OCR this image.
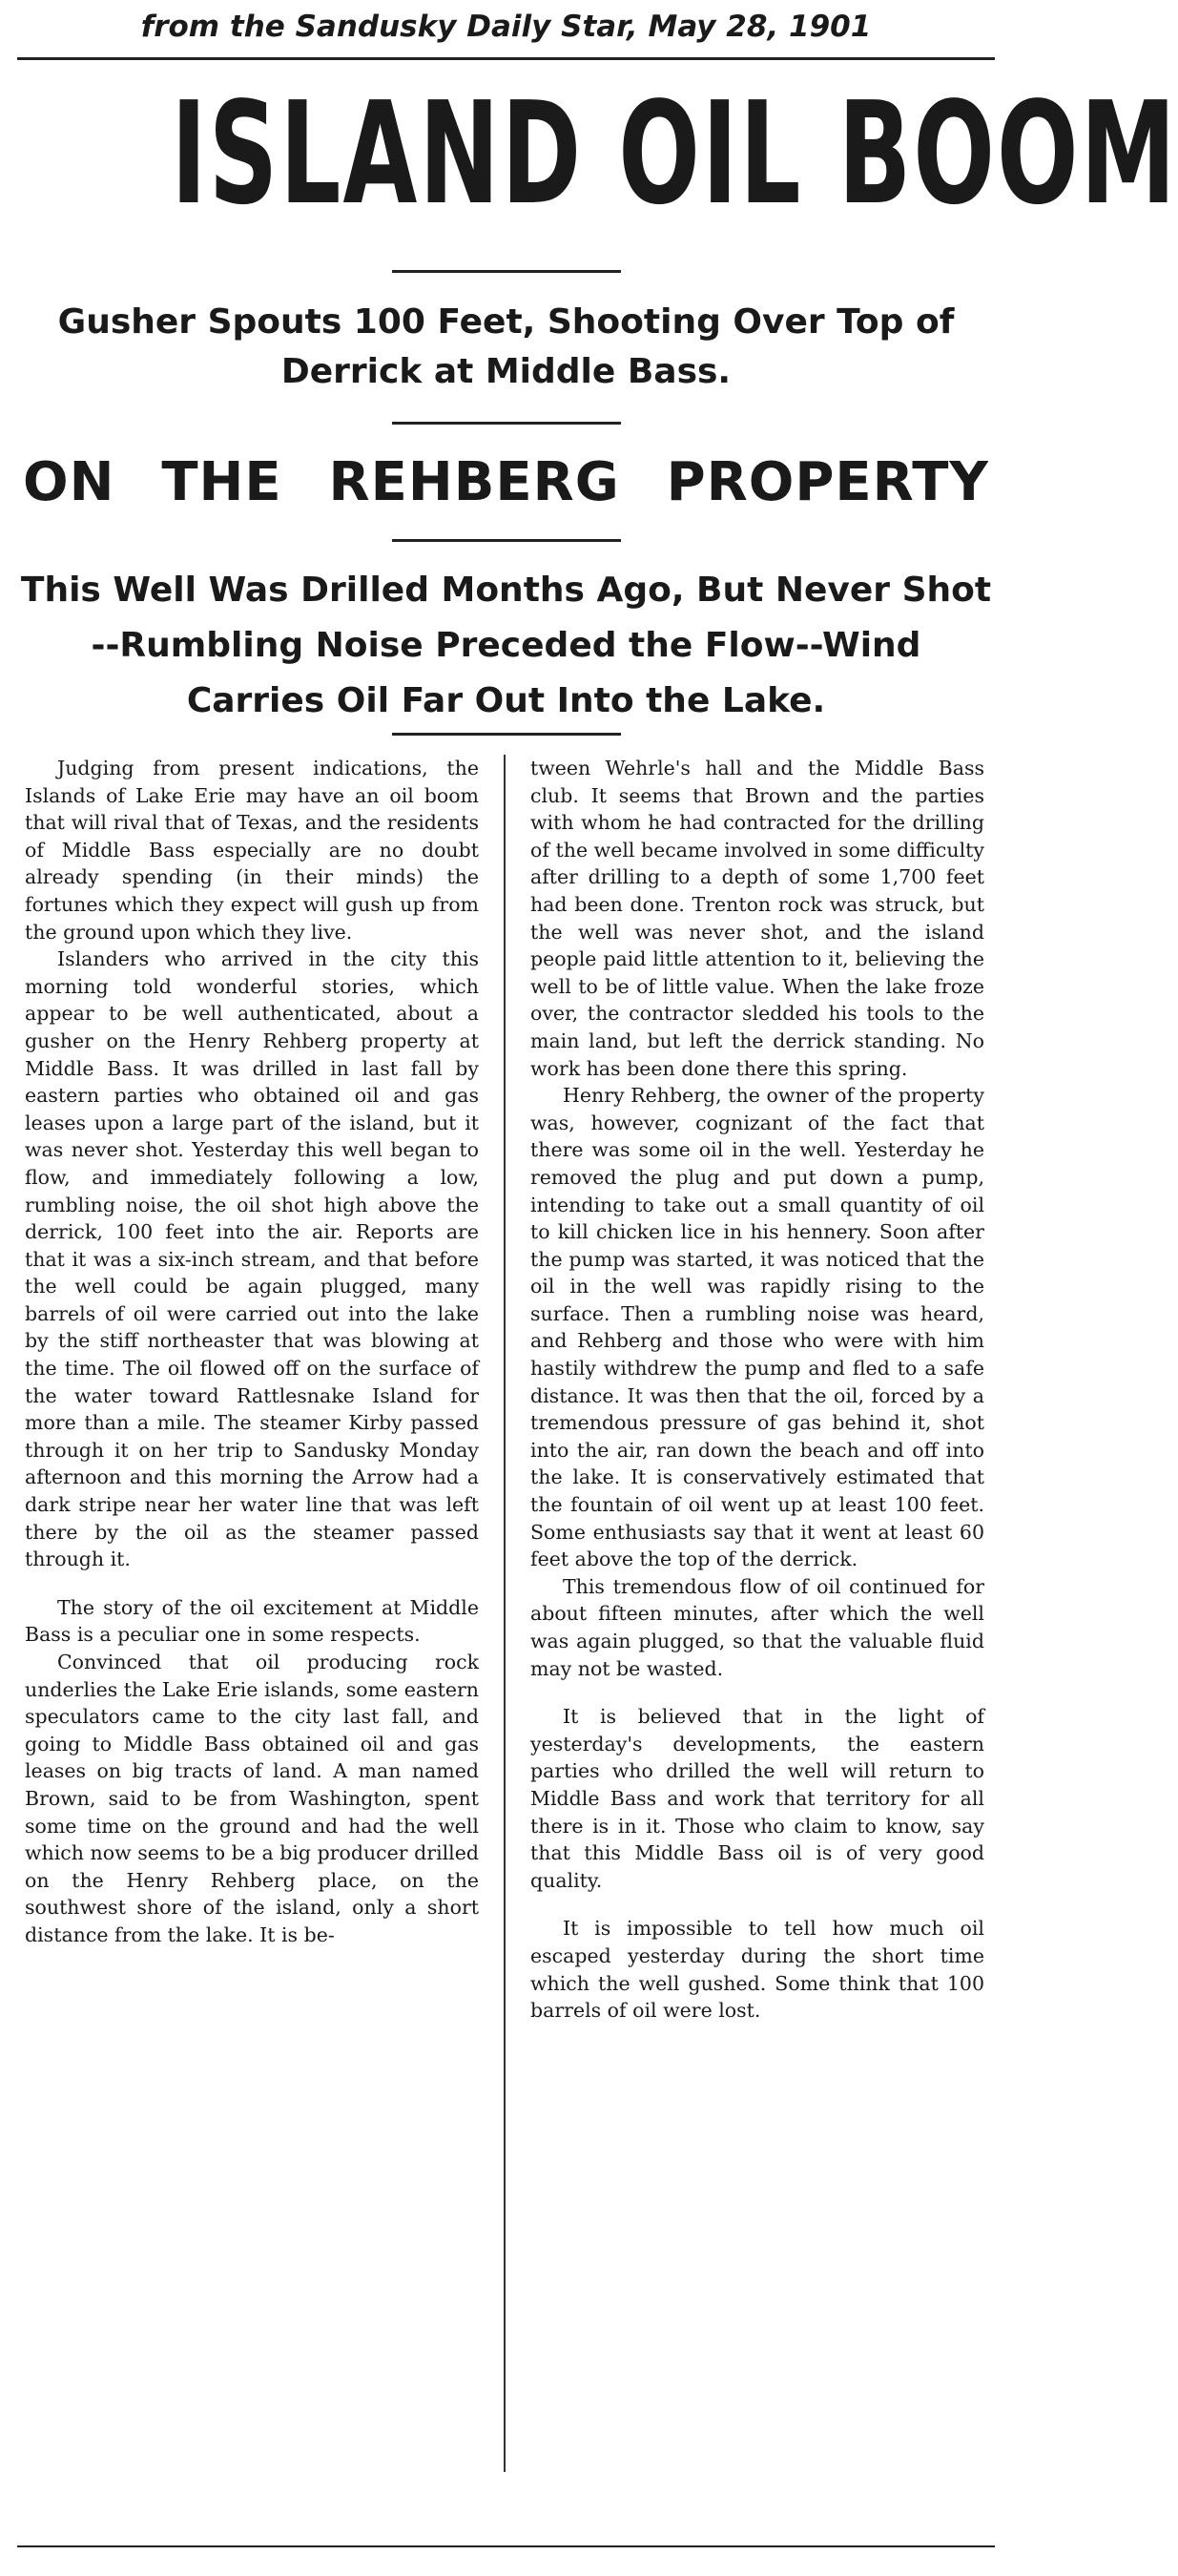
from the Sandusky Daily Star, May 28, 1901
ISLAND OIL BOOM
Gusher Spouts 100 Feet, Shooting Over Top of
Derrick at Middle Bass.
ON THE REHBERG PROPERTY
This Well Was Drilled Months Ago, But Never Shot
--Rumbling Noise Preceded the Flow--Wind
Carries Oil Far Out Into the Lake.

Judging from present indications, the Islands of Lake Erie may have an oil boom that will rival that of Texas, and the residents of Middle Bass especially are no doubt already spending (in their minds) the fortunes which they expect will gush up from the ground upon which they live.

Islanders who arrived in the city this morning told wonderful stories, which appear to be well authenticated, about a gusher on the Henry Rehberg property at Middle Bass. It was drilled in last fall by eastern parties who obtained oil and gas leases upon a large part of the island, but it was never shot. Yesterday this well began to flow, and immediately following a low, rumbling noise, the oil shot high above the derrick, 100 feet into the air. Reports are that it was a six-inch stream, and that before the well could be again plugged, many barrels of oil were carried out into the lake by the stiff northeaster that was blowing at the time. The oil flowed off on the surface of the water toward Rattlesnake Island for more than a mile. The steamer Kirby passed through it on her trip to Sandusky Monday afternoon and this morning the Arrow had a dark stripe near her water line that was left there by the oil as the steamer passed through it.

The story of the oil excitement at Middle Bass is a peculiar one in some respects.

Convinced that oil producing rock underlies the Lake Erie islands, some eastern speculators came to the city last fall, and going to Middle Bass obtained oil and gas leases on big tracts of land. A man named Brown, said to be from Washington, spent some time on the ground and had the well which now seems to be a big producer drilled on the Henry Rehberg place, on the southwest shore of the island, only a short distance from the lake. It is be-

tween Wehrle's hall and the Middle Bass club. It seems that Brown and the parties with whom he had contracted for the drilling of the well became involved in some difficulty after drilling to a depth of some 1,700 feet had been done. Trenton rock was struck, but the well was never shot, and the island people paid little attention to it, believing the well to be of little value. When the lake froze over, the contractor sledded his tools to the main land, but left the derrick standing. No work has been done there this spring.

Henry Rehberg, the owner of the property was, however, cognizant of the fact that there was some oil in the well. Yesterday he removed the plug and put down a pump, intending to take out a small quantity of oil to kill chicken lice in his hennery. Soon after the pump was started, it was noticed that the oil in the well was rapidly rising to the surface. Then a rumbling noise was heard, and Rehberg and those who were with him hastily withdrew the pump and fled to a safe distance. It was then that the oil, forced by a tremendous pressure of gas behind it, shot into the air, ran down the beach and off into the lake. It is conservatively estimated that the fountain of oil went up at least 100 feet. Some enthusiasts say that it went at least 60 feet above the top of the derrick.

This tremendous flow of oil continued for about fifteen minutes, after which the well was again plugged, so that the valuable fluid may not be wasted.

It is believed that in the light of yesterday's developments, the eastern parties who drilled the well will return to Middle Bass and work that territory for all there is in it. Those who claim to know, say that this Middle Bass oil is of very good quality.

It is impossible to tell how much oil escaped yesterday during the short time which the well gushed. Some think that 100 barrels of oil were lost.
